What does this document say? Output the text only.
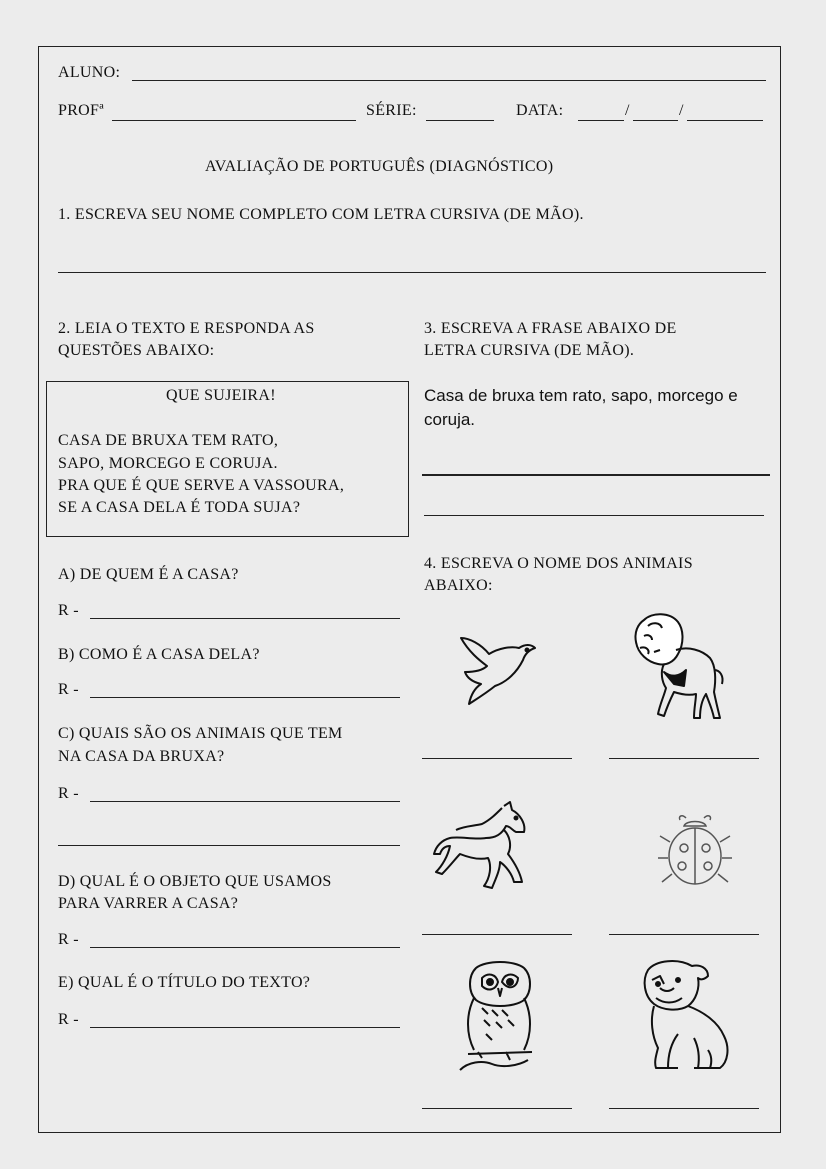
ALUNO:
PROFª	SÉRIE:	DATA:	/	/
AVALIAÇÃO DE PORTUGUÊS (DIAGNÓSTICO)
1. ESCREVA SEU NOME COMPLETO COM LETRA CURSIVA (DE MÃO).
2. LEIA O TEXTO E RESPONDA AS
QUESTÕES ABAIXO:
QUE SUJEIRA!
CASA DE BRUXA TEM RATO,
SAPO, MORCEGO E CORUJA.
PRA QUE É QUE SERVE A VASSOURA,
SE A CASA DELA É TODA SUJA?
A) DE QUEM É A CASA?
R -
B) COMO É A CASA DELA?
R -
C) QUAIS SÃO OS ANIMAIS QUE TEM
NA CASA DA BRUXA?
R -
D) QUAL É O OBJETO QUE USAMOS
PARA VARRER A CASA?
R -
E) QUAL É O TÍTULO DO TEXTO?
R -
3. ESCREVA A FRASE ABAIXO DE
LETRA CURSIVA (DE MÃO).
Casa de bruxa tem rato, sapo, morcego e coruja.
4. ESCREVA O NOME DOS ANIMAIS
ABAIXO:
